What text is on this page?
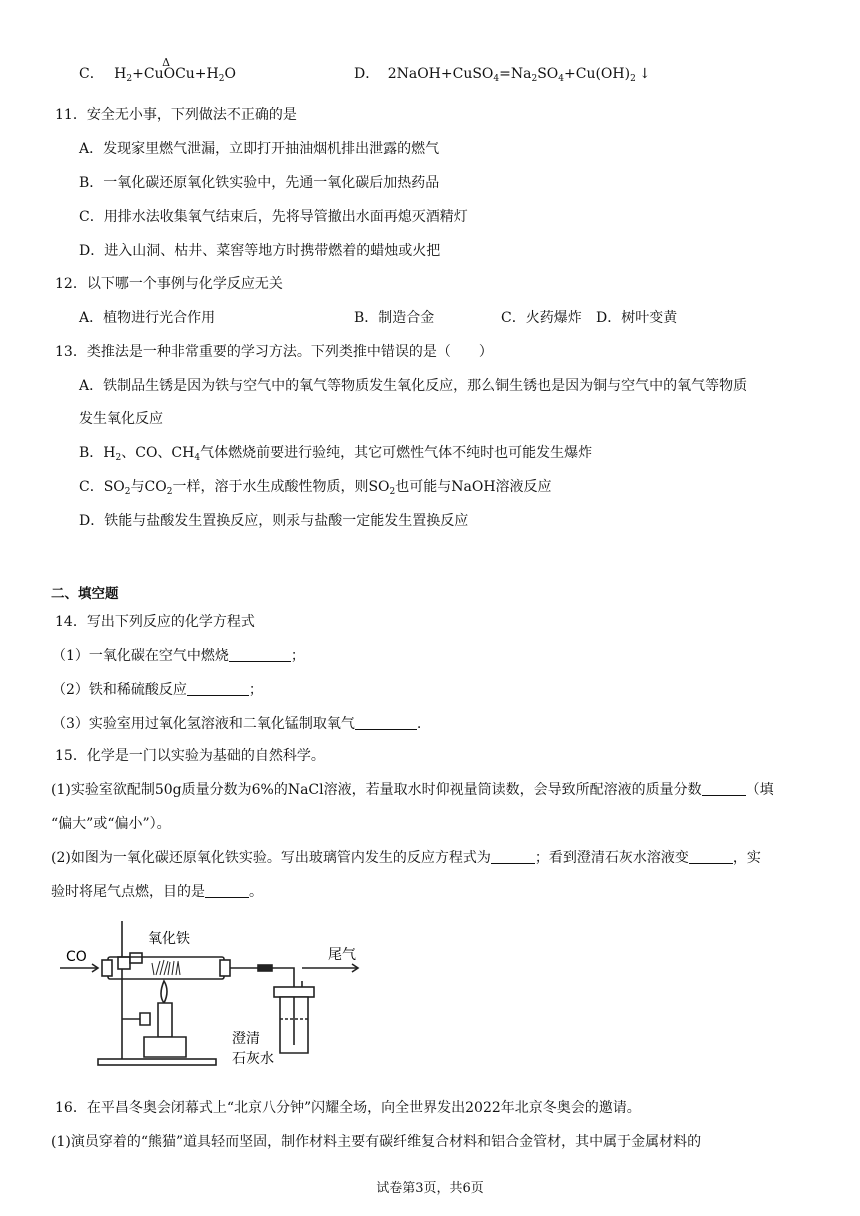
C． $H_2+CuO$
Δ
$Cu+H_2O$	D． $2NaOH+CuSO_4=Na_2SO_4+Cu(OH)_2$ ↓
11．安全无小事，下列做法不正确的是
A．发现家里燃气泄漏，立即打开抽油烟机排出泄露的燃气
B．一氧化碳还原氧化铁实验中，先通一氧化碳后加热药品
C．用排水法收集氧气结束后，先将导管撤出水面再熄灭酒精灯
D．进入山洞、枯井、菜窖等地方时携带燃着的蜡烛或火把
12．以下哪一个事例与化学反应无关
A．植物进行光合作用	B．制造合金	C．火药爆炸 D．树叶变黄
13．类推法是一种非常重要的学习方法。下列类推中错误的是（　　）
A．铁制品生锈是因为铁与空气中的氧气等物质发生氧化反应，那么铜生锈也是因为铜与空气中的氧气等物质
发生氧化反应
B．$H_2$、CO、$CH_4$气体燃烧前要进行验纯，其它可燃性气体不纯时也可能发生爆炸
C．$SO_2$与$CO_2$一样，溶于水生成酸性物质，则$SO_2$也可能与NaOH溶液反应
D．铁能与盐酸发生置换反应，则汞与盐酸一定能发生置换反应
二、填空题
14．写出下列反应的化学方程式
（1）一氧化碳在空气中燃烧	；
（2）铁和稀硫酸反应	；
（3）实验室用过氧化氢溶液和二氧化锰制取氧气	.
15．化学是一门以实验为基础的自然科学。
(1)实验室欲配制50g质量分数为6%的NaCl溶液，若量取水时仰视量筒读数，会导致所配溶液的质量分数	（填
“偏大”或“偏小”）。
(2)如图为一氧化碳还原氧化铁实验。写出玻璃管内发生的反应方程式为	；看到澄清石灰水溶液变	，实
验时将尾气点燃，目的是	。
CO
氧化铁
尾气
澄清
石灰水
16．在平昌冬奥会闭幕式上“北京八分钟”闪耀全场，向全世界发出2022年北京冬奥会的邀请。
(1)演员穿着的“熊猫”道具轻而坚固，制作材料主要有碳纤维复合材料和铝合金管材，其中属于金属材料的
试卷第3页，共6页
